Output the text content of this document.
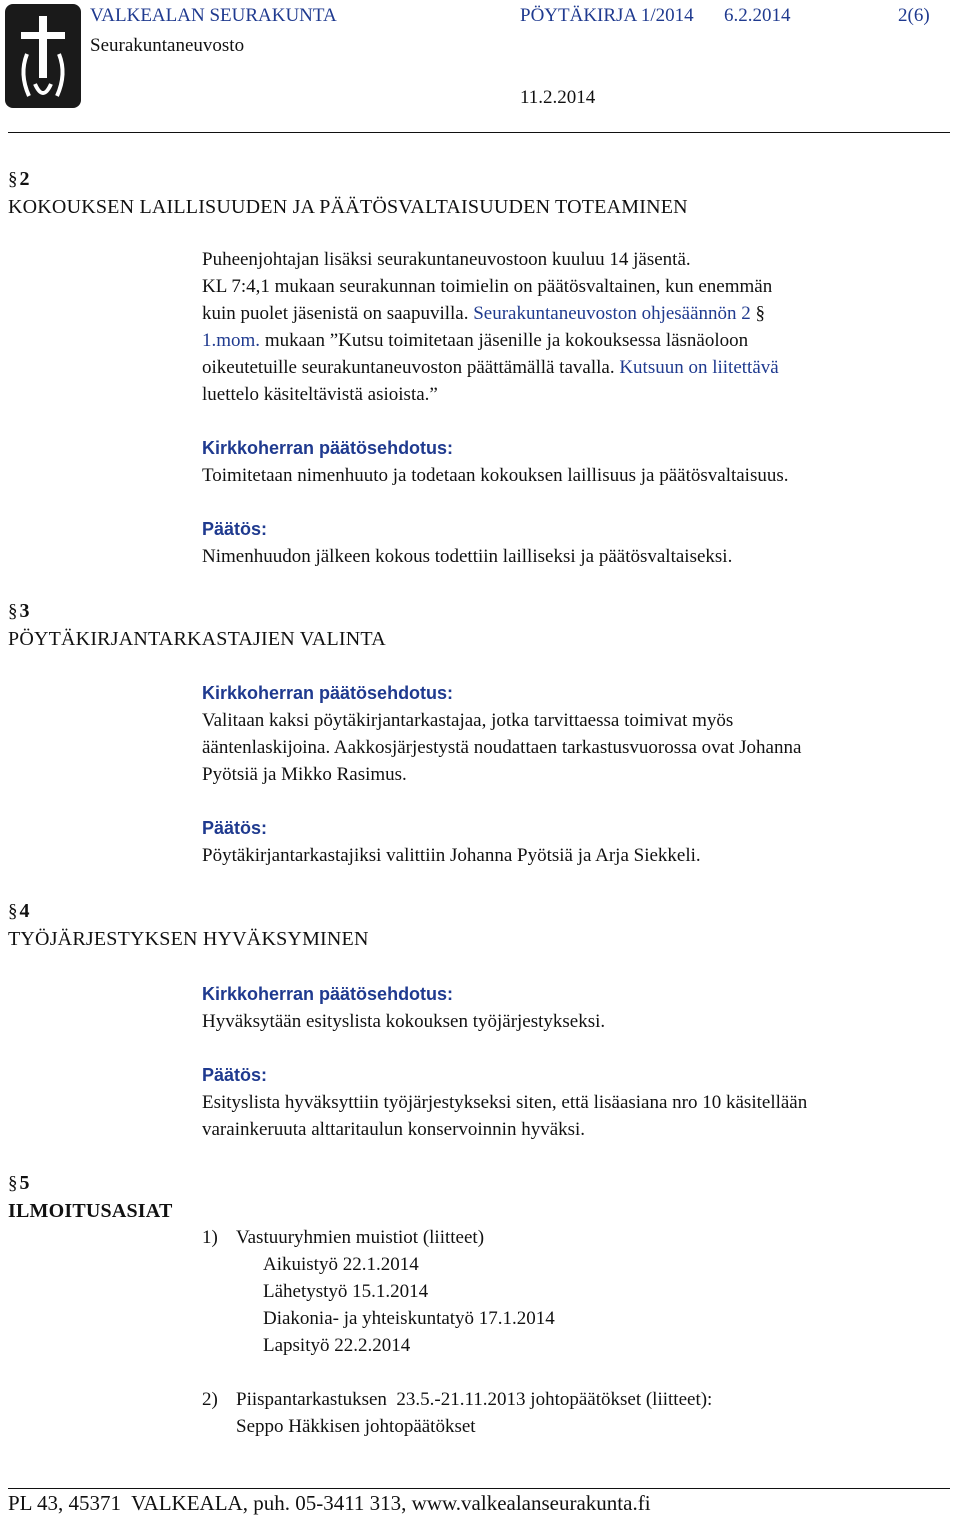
VALKEALAN SEURAKUNTA	PÖYTÄKIRJA 1/2014 6.2.2014	2(6)
Seurakuntaneuvosto
11.2.2014
§ 2
KOKOUKSEN LAILLISUUDEN JA PÄÄTÖSVALTAISUUDEN TOTEAMINEN

Puheenjohtajan lisäksi seurakuntaneuvostoon kuuluu 14 jäsentä.

KL 7:4,1 mukaan seurakunnan toimielin on päätösvaltainen, kun enemmän

kuin puolet jäsenistä on saapuvilla. Seurakuntaneuvoston ohjesäännön 2 §

1.mom. mukaan ”Kutsu toimitetaan jäsenille ja kokouksessa läsnäoloon

oikeutetuille seurakuntaneuvoston päättämällä tavalla. Kutsuun on liitettävä

luettelo käsiteltävistä asioista.”

Kirkkoherran päätösehdotus:

Toimitetaan nimenhuuto ja todetaan kokouksen laillisuus ja päätösvaltaisuus.

Päätös:

Nimenhuudon jälkeen kokous todettiin lailliseksi ja päätösvaltaiseksi.

§ 3
PÖYTÄKIRJANTARKASTAJIEN VALINTA

Kirkkoherran päätösehdotus:

Valitaan kaksi pöytäkirjantarkastajaa, jotka tarvittaessa toimivat myös

ääntenlaskijoina. Aakkosjärjestystä noudattaen tarkastusvuorossa ovat Johanna

Pyötsiä ja Mikko Rasimus.

Päätös:

Pöytäkirjantarkastajiksi valittiin Johanna Pyötsiä ja Arja Siekkeli.

§ 4
TYÖJÄRJESTYKSEN HYVÄKSYMINEN

Kirkkoherran päätösehdotus:

Hyväksytään esityslista kokouksen työjärjestykseksi.

Päätös:

Esityslista hyväksyttiin työjärjestykseksi siten, että lisäasiana nro 10 käsitellään

varainkeruuta alttaritaulun konservoinnin hyväksi.

§ 5
ILMOITUSASIAT
1) Vastuuryhmien muistiot (liitteet)
Aikuistyö 22.1.2014
Lähetystyö 15.1.2014
Diakonia- ja yhteiskuntatyö 17.1.2014
Lapsityö 22.2.2014
2) Piispantarkastuksen  23.5.-21.11.2013 johtopäätökset (liitteet):
Seppo Häkkisen johtopäätökset
PL 43, 45371  VALKEALA, puh. 05-3411 313, www.valkealanseurakunta.fi
